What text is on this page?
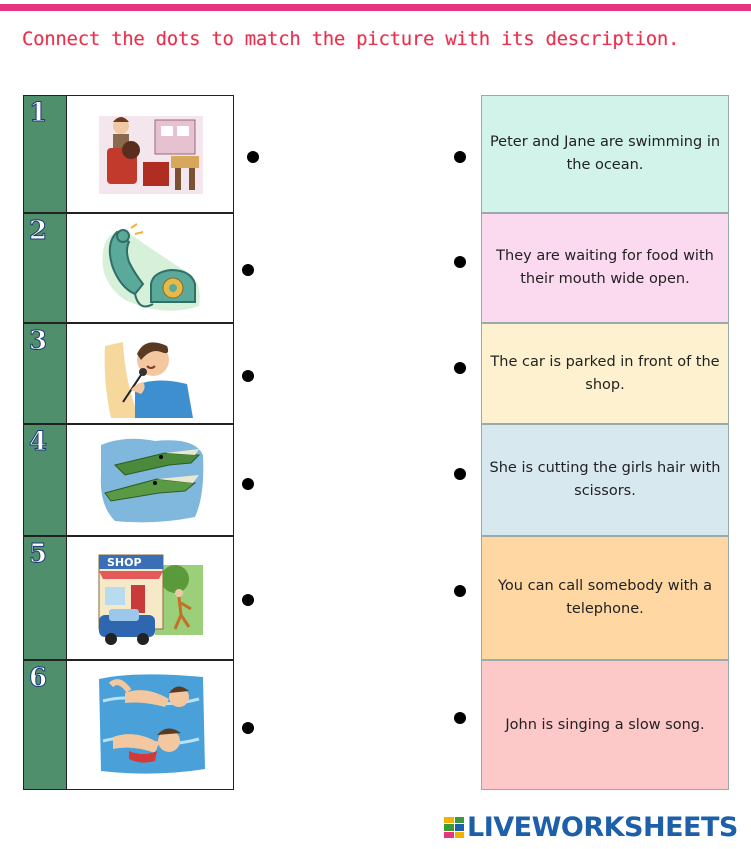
Connect the dots to match the picture with its description.
1
2
3
4
5	SHOP
6
Peter and Jane are swimming in the ocean.
They are waiting for food with their mouth wide open.
The car is parked in front of the shop.
She is cutting the girls hair with scissors.
You can call somebody with a telephone.
John is singing a slow song.
LIVEWORKSHEETS
